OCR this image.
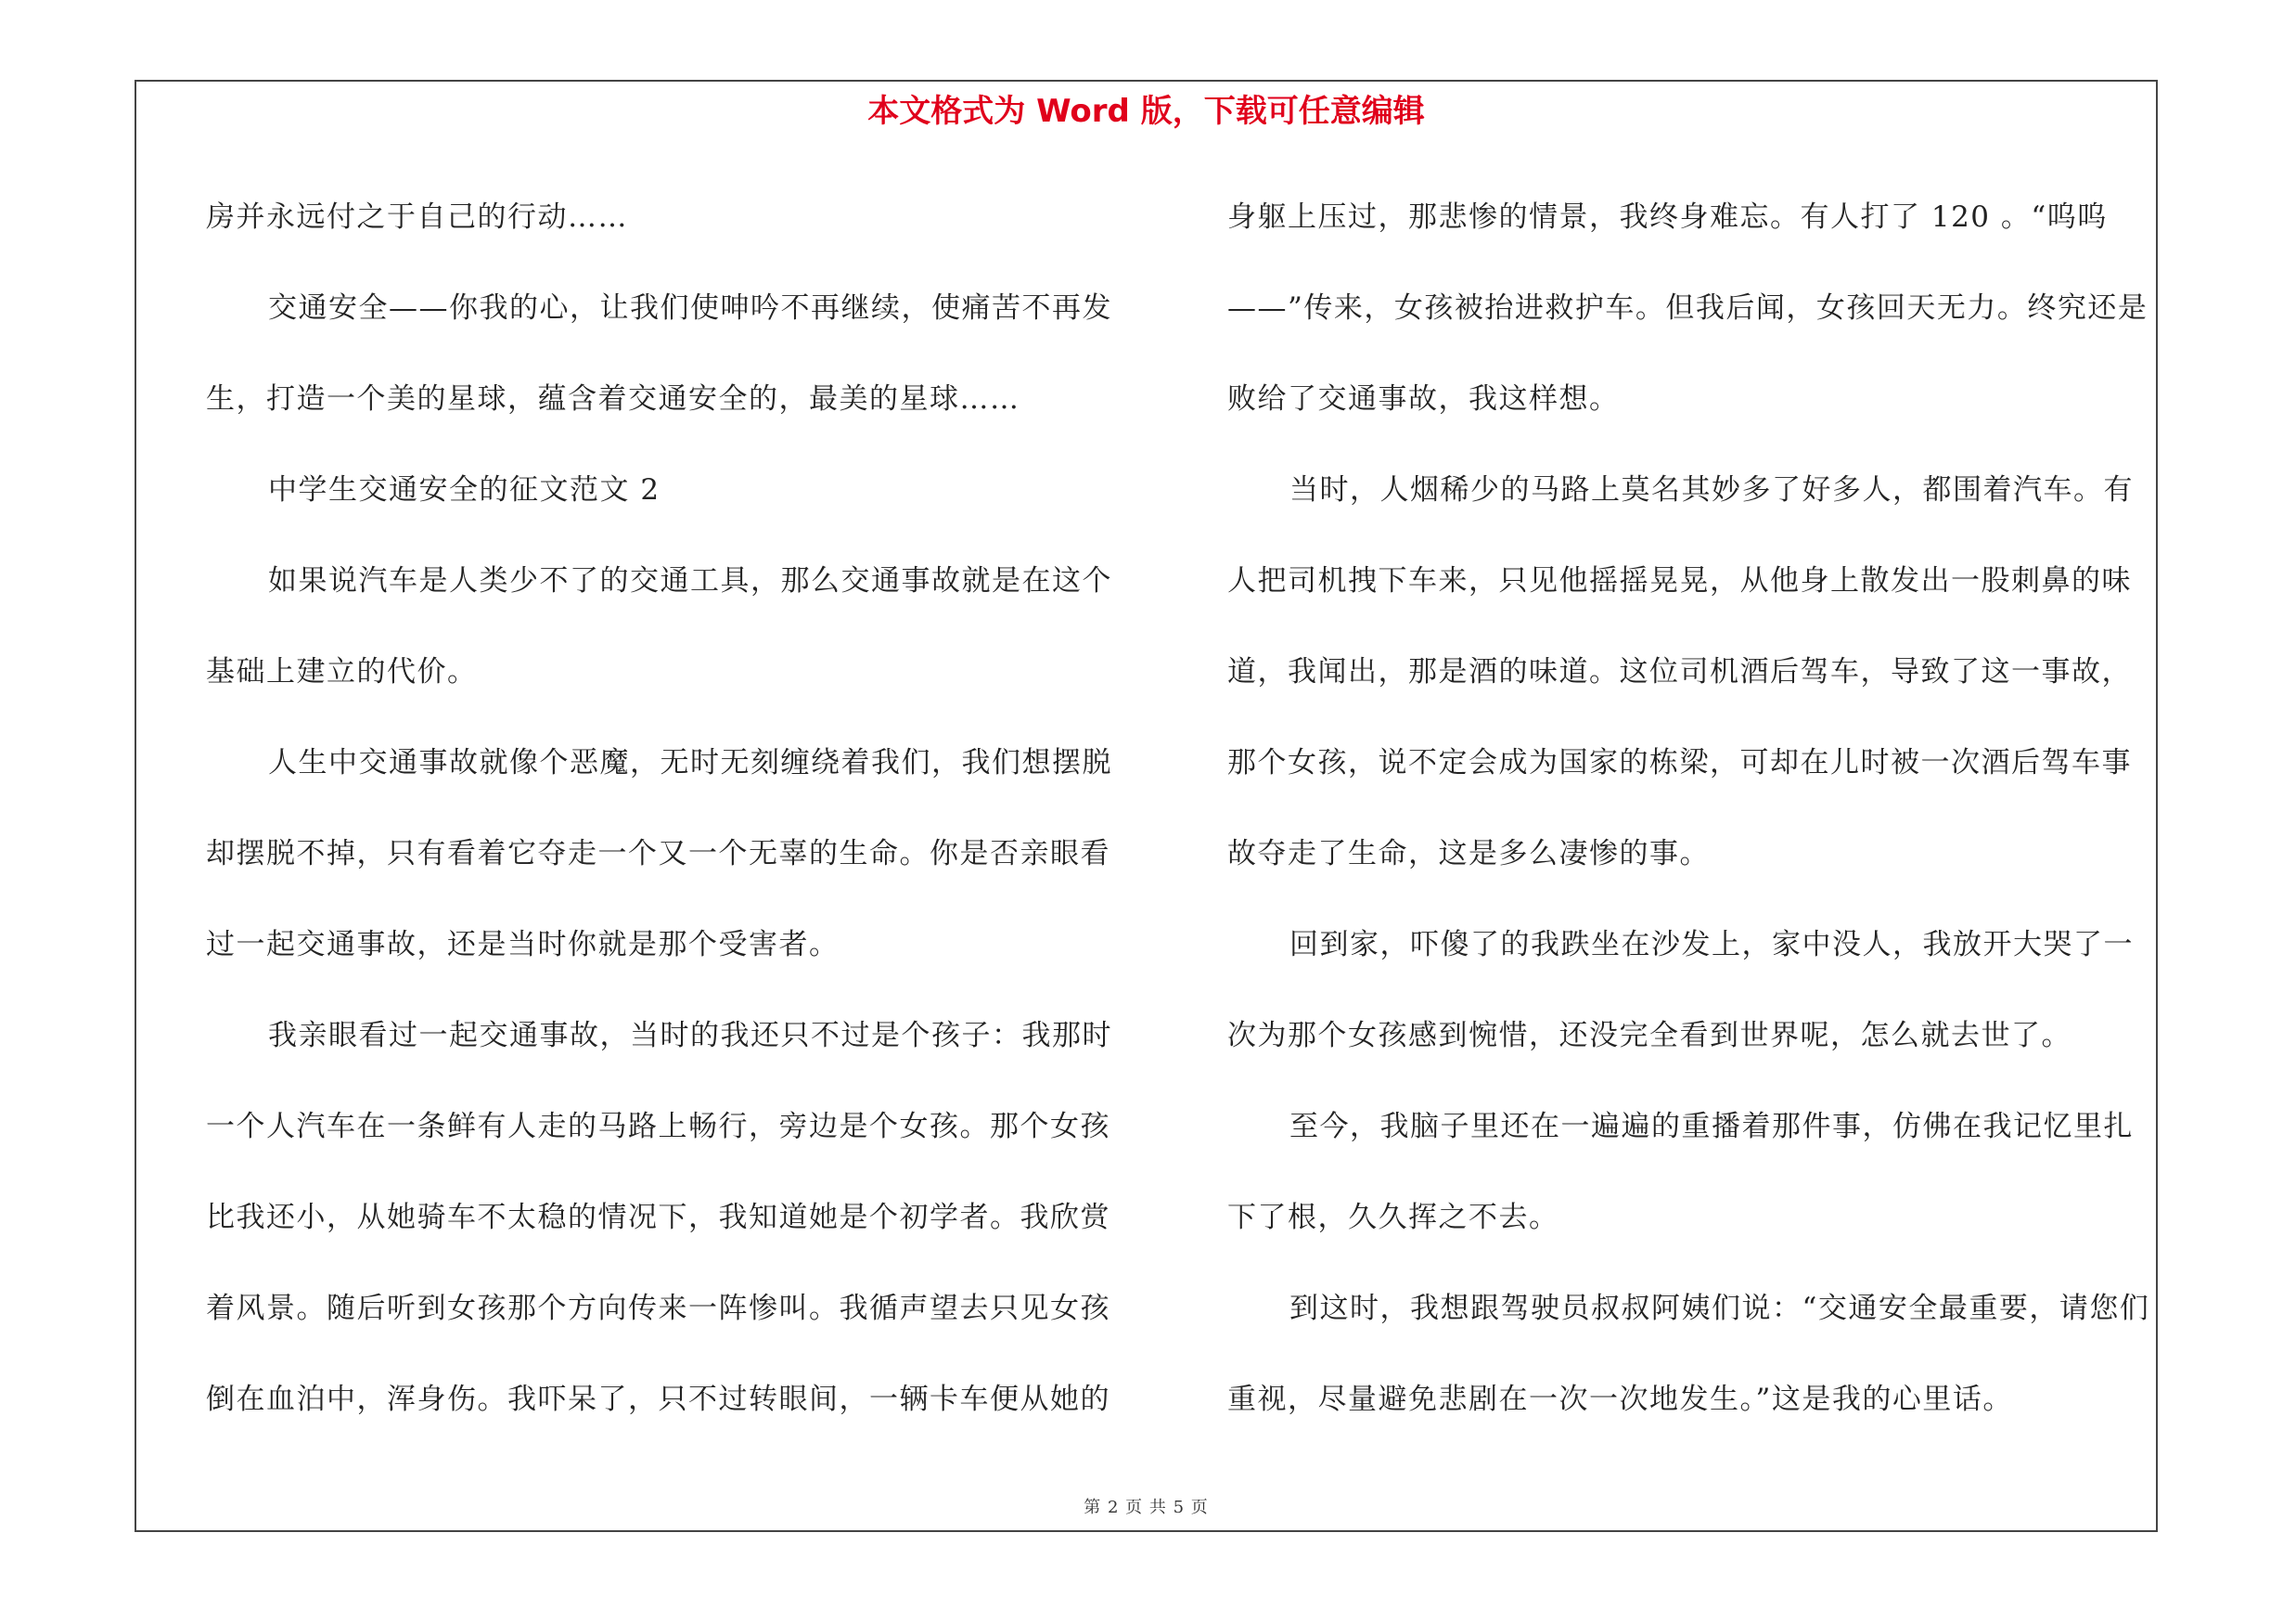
本文格式为 Word 版，下载可任意编辑

房并永远付之于自己的行动……

交通安全——你我的心，让我们使呻吟不再继续，使痛苦不再发生，打造一个美的星球，蕴含着交通安全的，最美的星球……

中学生交通安全的征文范文 2

如果说汽车是人类少不了的交通工具，那么交通事故就是在这个基础上建立的代价。

人生中交通事故就像个恶魔，无时无刻缠绕着我们，我们想摆脱却摆脱不掉，只有看着它夺走一个又一个无辜的生命。你是否亲眼看过一起交通事故，还是当时你就是那个受害者。

我亲眼看过一起交通事故，当时的我还只不过是个孩子：我那时一个人汽车在一条鲜有人走的马路上畅行，旁边是个女孩。那个女孩比我还小，从她骑车不太稳的情况下，我知道她是个初学者。我欣赏着风景。随后听到女孩那个方向传来一阵惨叫。我循声望去只见女孩倒在血泊中，浑身伤。我吓呆了，只不过转眼间，一辆卡车便从她的

身躯上压过，那悲惨的情景，我终身难忘。有人打了 120 。“呜呜——”传来，女孩被抬进救护车。但我后闻，女孩回天无力。终究还是败给了交通事故，我这样想。

当时，人烟稀少的马路上莫名其妙多了好多人，都围着汽车。有人把司机拽下车来，只见他摇摇晃晃，从他身上散发出一股刺鼻的味道，我闻出，那是酒的味道。这位司机酒后驾车，导致了这一事故，那个女孩，说不定会成为国家的栋梁，可却在儿时被一次酒后驾车事故夺走了生命，这是多么凄惨的事。

回到家，吓傻了的我跌坐在沙发上，家中没人，我放开大哭了一次为那个女孩感到惋惜，还没完全看到世界呢，怎么就去世了。

至今，我脑子里还在一遍遍的重播着那件事，仿佛在我记忆里扎下了根，久久挥之不去。

到这时，我想跟驾驶员叔叔阿姨们说：“交通安全最重要，请您们重视，尽量避免悲剧在一次一次地发生。”这是我的心里话。

第 2 页 共 5 页
